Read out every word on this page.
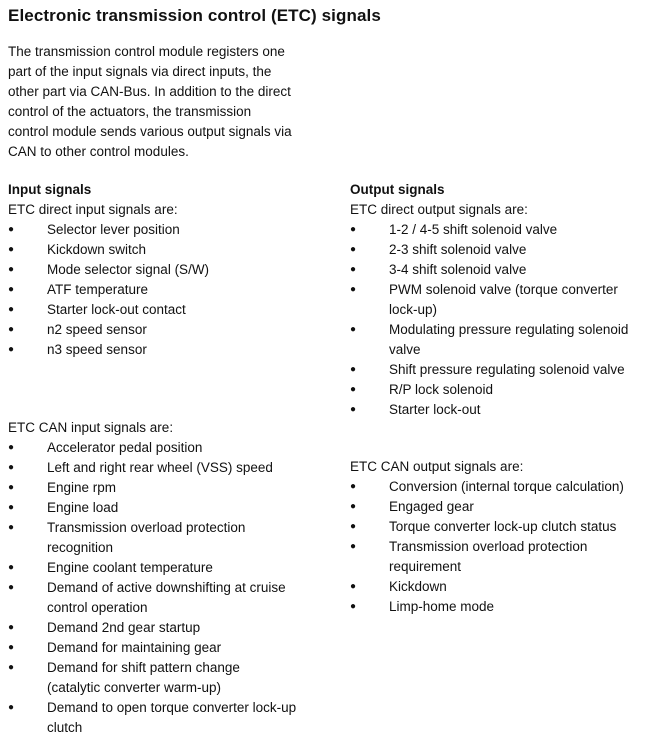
Electronic transmission control (ETC) signals
The transmission control module registers one
part of the input signals via direct inputs, the
other part via CAN-Bus. In addition to the direct
control of the actuators, the transmission
control module sends various output signals via
CAN to other control modules.
Input signals
ETC direct input signals are:
● Selector lever position
● Kickdown switch
● Mode selector signal (S/W)
● ATF temperature
● Starter lock-out contact
● n2 speed sensor
● n3 speed sensor
ETC CAN input signals are:
● Accelerator pedal position
● Left and right rear wheel (VSS) speed
● Engine rpm
● Engine load
● Transmission overload protection
recognition
● Engine coolant temperature
● Demand of active downshifting at cruise
control operation
● Demand 2nd gear startup
● Demand for maintaining gear
● Demand for shift pattern change
(catalytic converter warm-up)
● Demand to open torque converter lock-up
clutch
Output signals
ETC direct output signals are:
● 1-2 / 4-5 shift solenoid valve
● 2-3 shift solenoid valve
● 3-4 shift solenoid valve
● PWM solenoid valve (torque converter
lock-up)
● Modulating pressure regulating solenoid
valve
● Shift pressure regulating solenoid valve
● R/P lock solenoid
● Starter lock-out
ETC CAN output signals are:
● Conversion (internal torque calculation)
● Engaged gear
● Torque converter lock-up clutch status
● Transmission overload protection
requirement
● Kickdown
● Limp-home mode
